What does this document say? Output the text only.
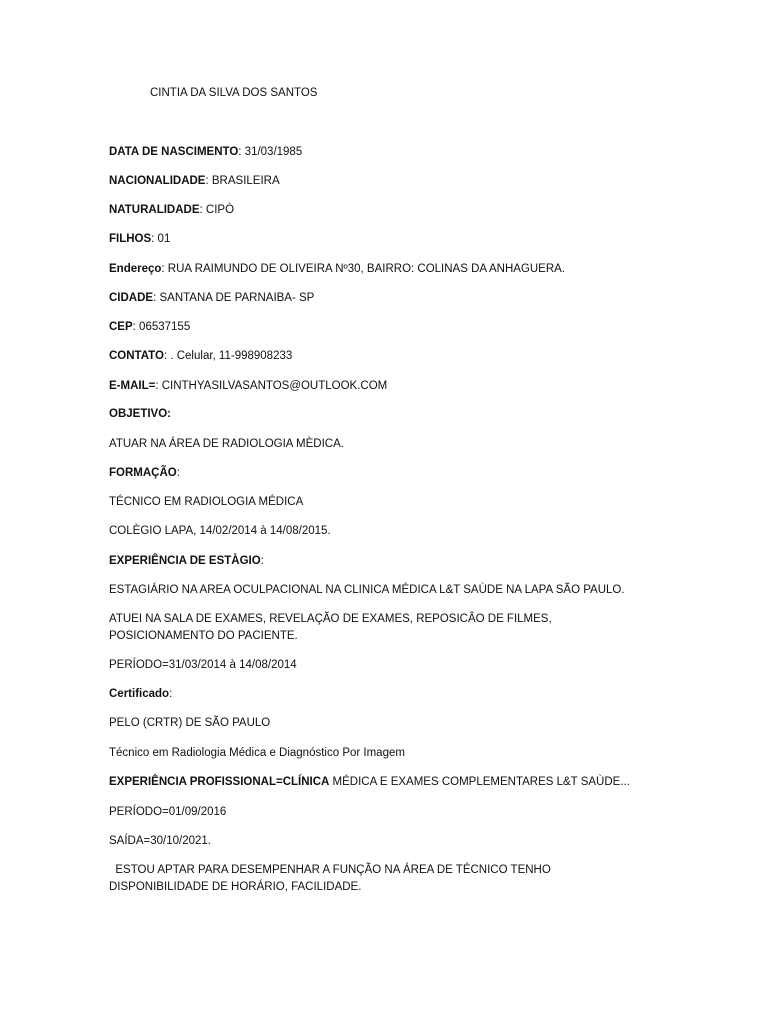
CINTIA DA SILVA DOS SANTOS
DATA DE NASCIMENTO: 31/03/1985
NACIONALIDADE: BRASILEIRA
NATURALIDADE: CIPÒ
FILHOS: 01
Endereço: RUA RAIMUNDO DE OLIVEIRA Nº30, BAIRRO: COLINAS DA ANHAGUERA.
CIDADE: SANTANA DE PARNAIBA- SP
CEP: 06537155
CONTATO: . Celular, 11-998908233
E-MAIL=: CINTHYASILVASANTOS@OUTLOOK.COM
OBJETIVO:
ATUAR NA ÁREA DE RADIOLOGIA MÈDICA.
FORMAÇÃO:
TÉCNICO EM RADIOLOGIA MÉDICA
COLÈGIO LAPA, 14/02/2014 à 14/08/2015.
EXPERIÊNCIA DE ESTÀGIO:
ESTAGIÁRIO NA AREA OCULPACIONAL NA CLINICA MÉDICA L&T SAÙDE NA LAPA SÃO PAULO.
ATUEI NA SALA DE EXAMES, REVELAÇÃO DE EXAMES, REPOSICÂO DE FILMES, POSICIONAMENTO DO PACIENTE.
PERÍODO=31/03/2014 à 14/08/2014
Certificado:
PELO (CRTR) DE SÃO PAULO
Técnico em Radiologia Médica e Diagnóstico Por Imagem
EXPERIÊNCIA PROFISSIONAL=CLÍNICA MÉDICA E EXAMES COMPLEMENTARES L&T SAÙDE...
PERÍODO=01/09/2016
SAÍDA=30/10/2021.
ESTOU APTAR PARA DESEMPENHAR A FUNÇÃO NA ÁREA DE TÉCNICO TENHO DISPONIBILIDADE DE HORÁRIO, FACILIDADE.
